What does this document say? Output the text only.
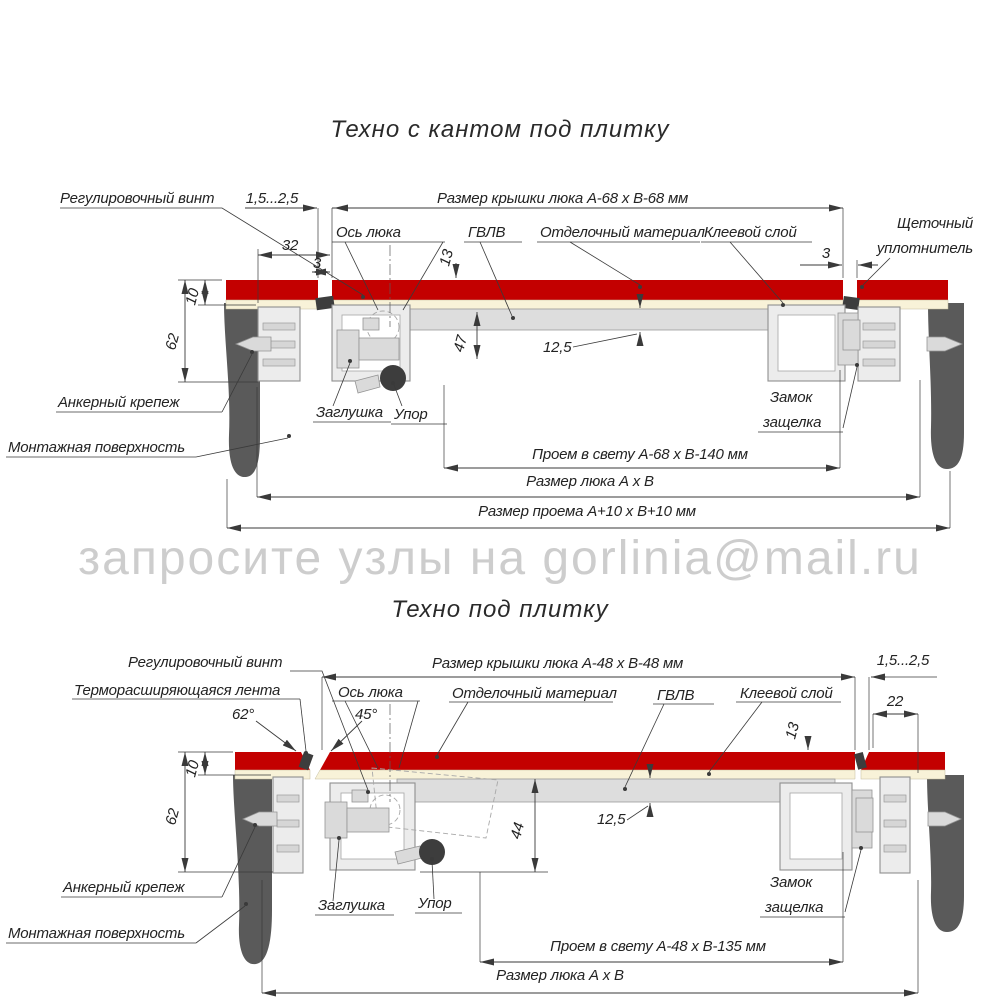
Техно с кантом под плитку
Регулировочный винт 1,5...2,5	Размер крышки люка А-68 х В-68 мм
32
3
Ось люка	ГВЛВ
13
Отделочный материал Клеевой слой
3
Щеточный
уплотнитель
10
62	47	12,5
Анкерный крепеж
Монтажная поверхность
Заглушка Упор
Замок
защелка
Проем в свету А-68 х В-140 мм
Размер люка А х В
Размер проема А+10 х В+10 мм
запросите узлы на gorlinia@mail.ru
Техно под плитку
Регулировочный винт
Терморасширяющаяся лента
62°	45°
Ось люка
Размер крышки люка А-48 х В-48 мм	1,5...2,5
Отделочный материал	ГВЛВ	Клеевой слой
13
22
10
62
44
12,5
Анкерный крепеж
Монтажная поверхность
Заглушка Упор
Замок
защелка
Проем в свету А-48 х В-135 мм
Размер люка А х В
